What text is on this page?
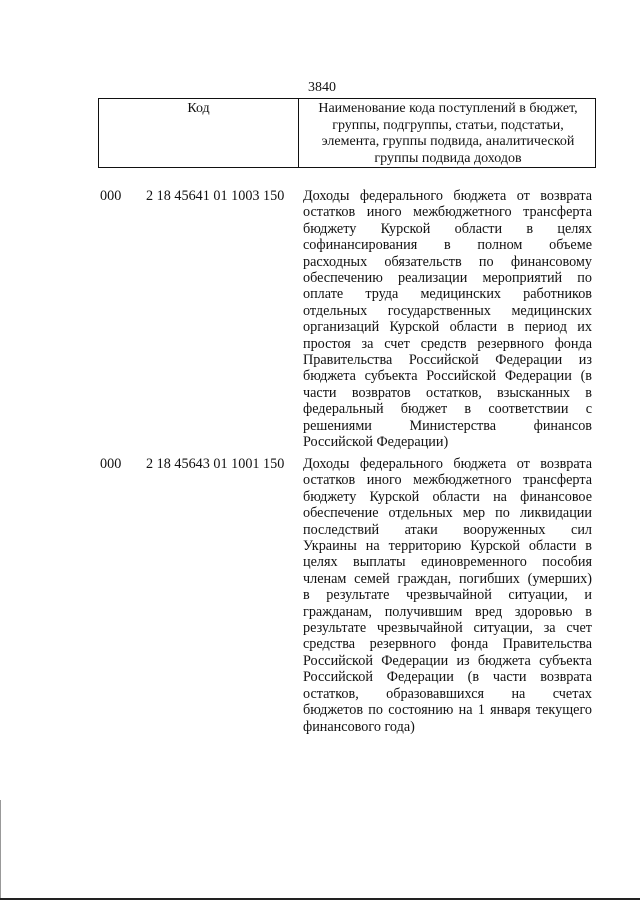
3840
Код	Наименование кода поступлений в бюджет,
группы, подгруппы, статьи, подстатьи,
элемента, группы подвида, аналитической
группы подвида доходов
000 2 18 45641 01 1003 150 Доходы федерального бюджета от возврата
остатков иного межбюджетного трансферта
бюджету Курской области в целях
софинансирования в полном объеме
расходных обязательств по финансовому
обеспечению реализации мероприятий по
оплате труда медицинских работников
отдельных государственных медицинских
организаций Курской области в период их
простоя за счет средств резервного фонда
Правительства Российской Федерации из
бюджета субъекта Российской Федерации (в
части возвратов остатков, взысканных в
федеральный бюджет в соответствии с
решениями Министерства финансов
Российской Федерации)
000 2 18 45643 01 1001 150 Доходы федерального бюджета от возврата
остатков иного межбюджетного трансферта
бюджету Курской области на финансовое
обеспечение отдельных мер по ликвидации
последствий атаки вооруженных сил
Украины на территорию Курской области в
целях выплаты единовременного пособия
членам семей граждан, погибших (умерших)
в результате чрезвычайной ситуации, и
гражданам, получившим вред здоровью в
результате чрезвычайной ситуации, за счет
средства резервного фонда Правительства
Российской Федерации из бюджета субъекта
Российской Федерации (в части возврата
остатков, образовавшихся на счетах
бюджетов по состоянию на 1 января текущего
финансового года)
